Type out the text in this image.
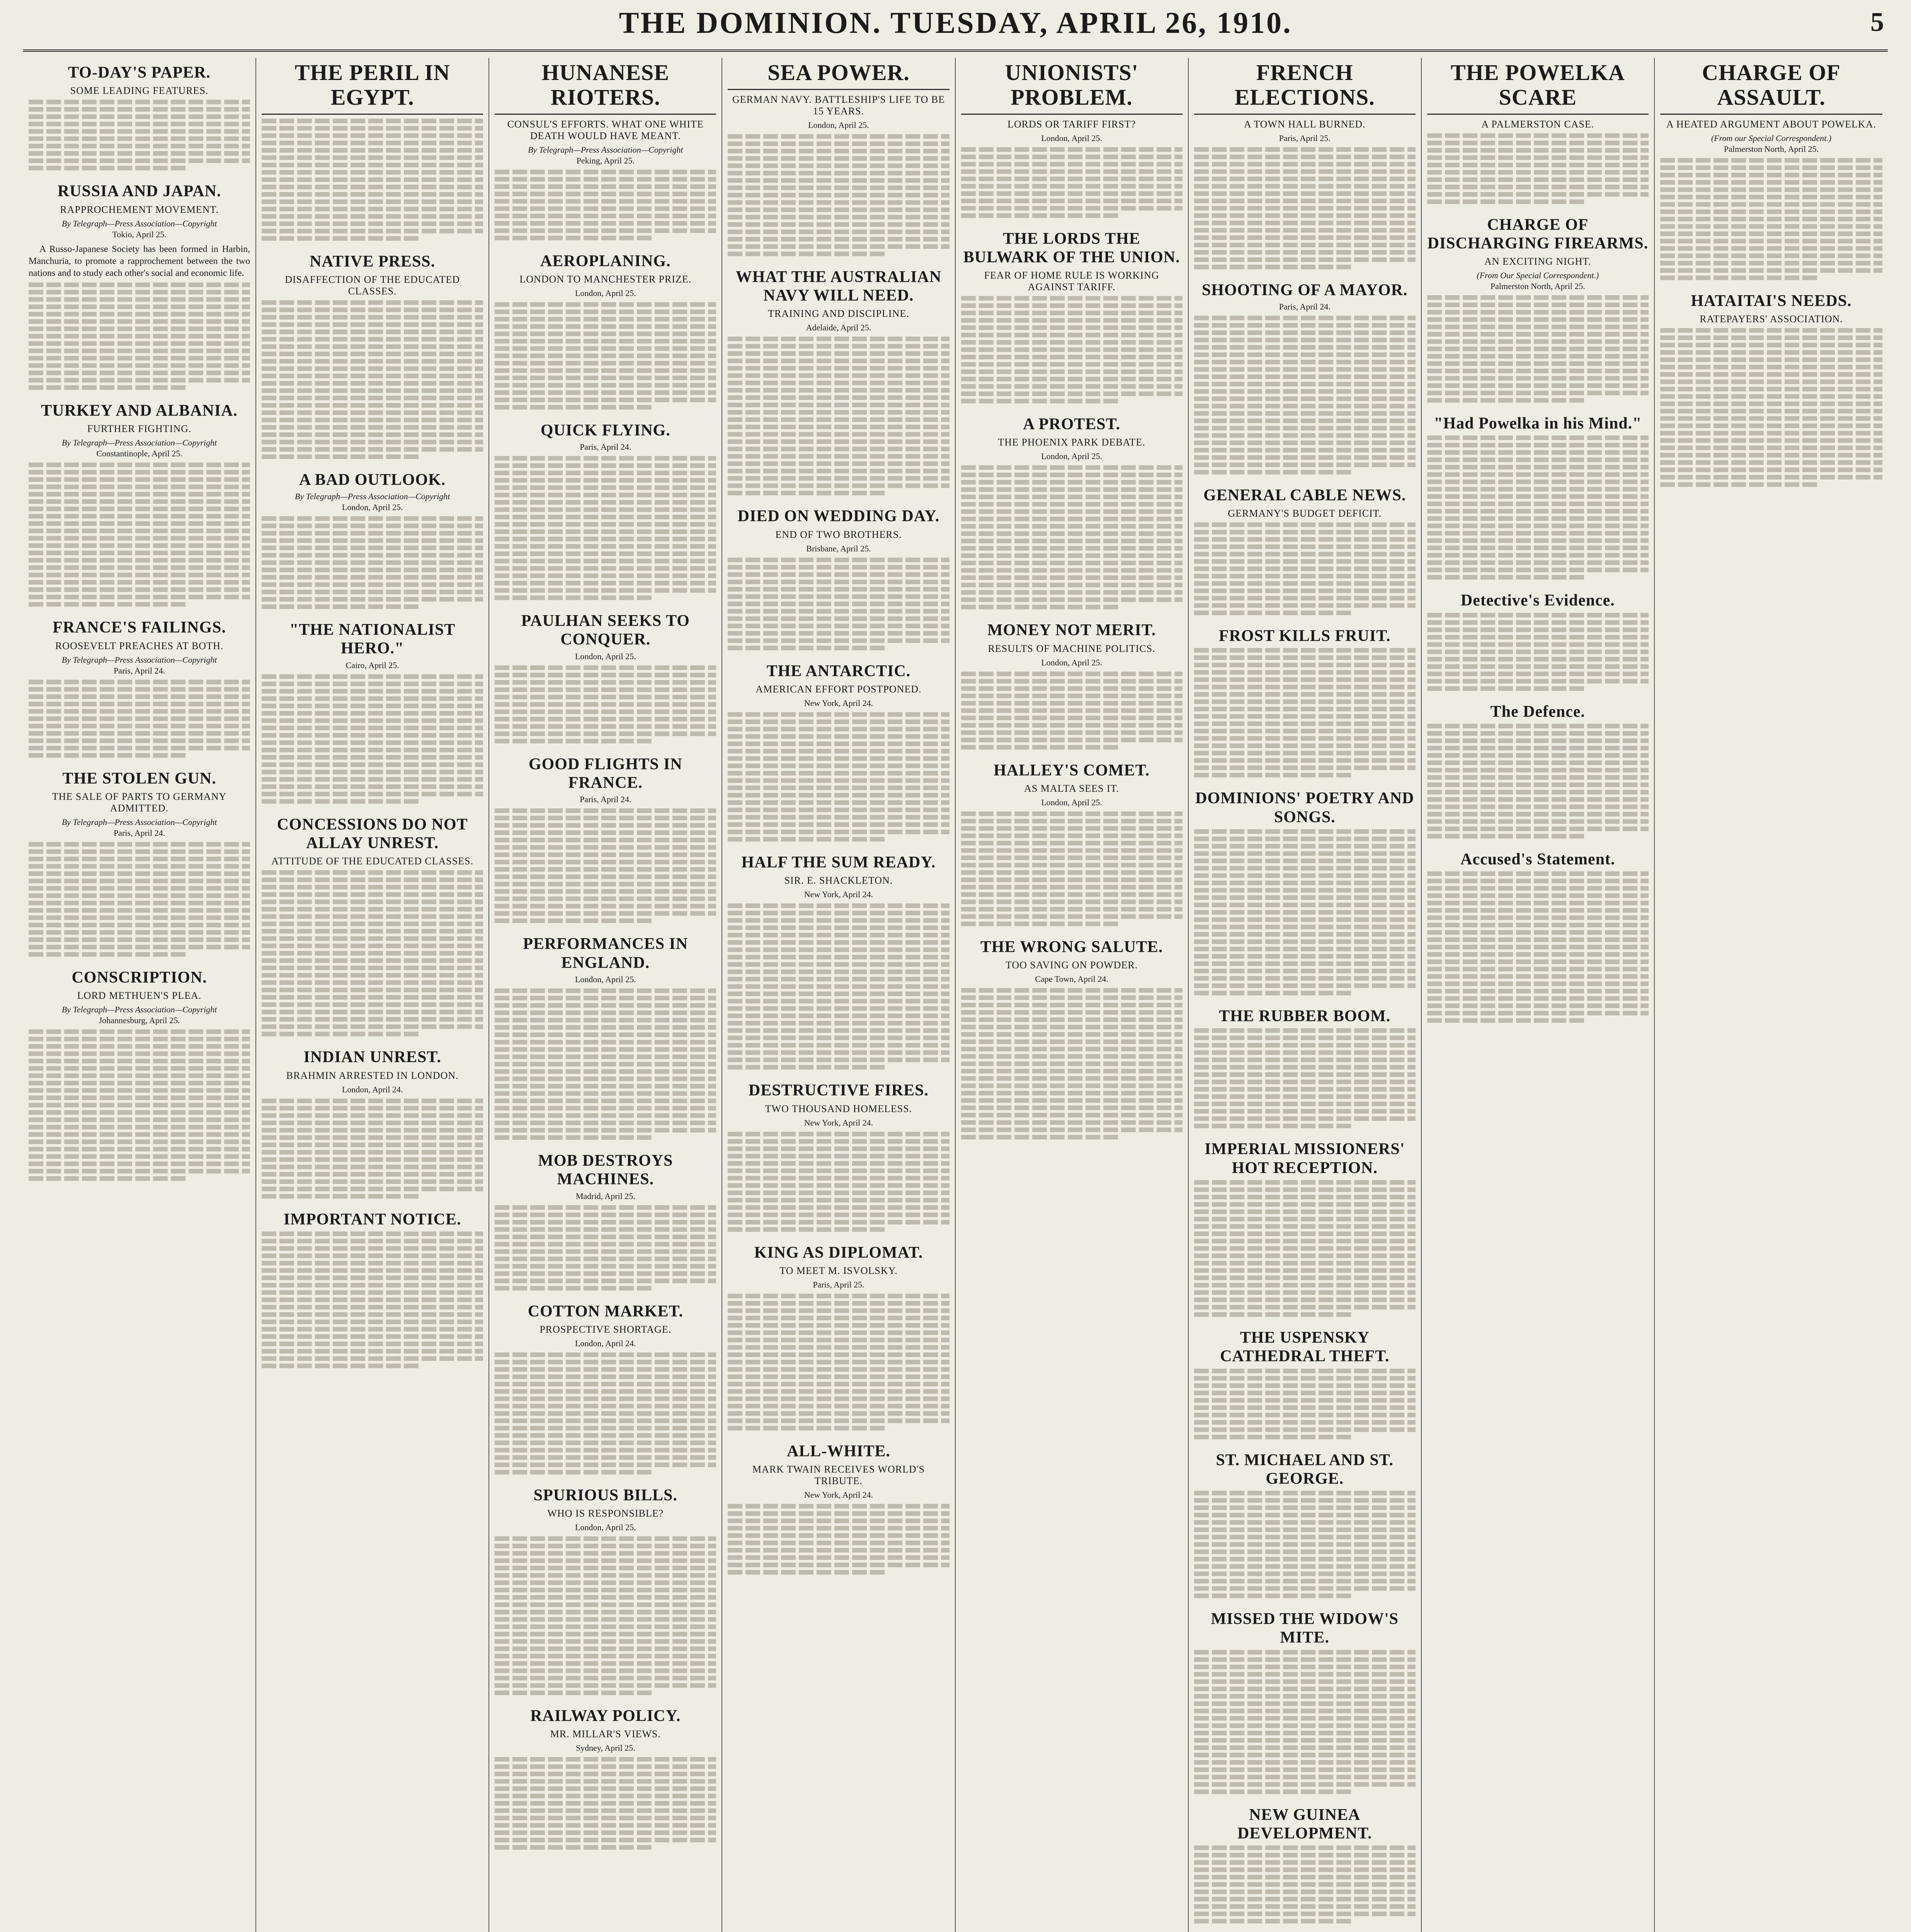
THE DOMINION. TUESDAY, APRIL 26, 1910.	5
TO-DAY'S PAPER.
SOME LEADING FEATURES.
RUSSIA AND JAPAN.
RAPPROCHEMENT MOVEMENT.
By Telegraph—Press Association—Copyright
Tokio, April 25.
A Russo-Japanese Society has been formed in Harbin, Manchuria, to promote a rapprochement between the two nations and to study each other's social and economic life.
TURKEY AND ALBANIA.
FURTHER FIGHTING.
By Telegraph—Press Association—Copyright
Constantinople, April 25.
FRANCE'S FAILINGS.
ROOSEVELT PREACHES AT BOTH.
By Telegraph—Press Association—Copyright
Paris, April 24.
THE STOLEN GUN.
THE SALE OF PARTS TO GERMANY ADMITTED.
By Telegraph—Press Association—Copyright
Paris, April 24.
CONSCRIPTION.
LORD METHUEN'S PLEA.
By Telegraph—Press Association—Copyright
Johannesburg, April 25.
THE PERIL IN EGYPT.
NATIVE PRESS.
DISAFFECTION OF THE EDUCATED CLASSES.
A BAD OUTLOOK.
By Telegraph—Press Association—Copyright
London, April 25.
"THE NATIONALIST HERO."
Cairo, April 25.
CONCESSIONS DO NOT ALLAY UNREST.
ATTITUDE OF THE EDUCATED CLASSES.
INDIAN UNREST.
BRAHMIN ARRESTED IN LONDON.
London, April 24.
IMPORTANT NOTICE.
HUNANESE RIOTERS.
CONSUL'S EFFORTS. WHAT ONE WHITE DEATH WOULD HAVE MEANT.
By Telegraph—Press Association—Copyright
Peking, April 25.
AEROPLANING.
LONDON TO MANCHESTER PRIZE.
London, April 25.
QUICK FLYING.
Paris, April 24.
PAULHAN SEEKS TO CONQUER.
London, April 25.
GOOD FLIGHTS IN FRANCE.
Paris, April 24.
PERFORMANCES IN ENGLAND.
London, April 25.
MOB DESTROYS MACHINES.
Madrid, April 25.
COTTON MARKET.
PROSPECTIVE SHORTAGE.
London, April 24.
SPURIOUS BILLS.
WHO IS RESPONSIBLE?
London, April 25.
RAILWAY POLICY.
MR. MILLAR'S VIEWS.
Sydney, April 25.
SEA POWER.
GERMAN NAVY. BATTLESHIP'S LIFE TO BE 15 YEARS.
London, April 25.
WHAT THE AUSTRALIAN NAVY WILL NEED.
TRAINING AND DISCIPLINE.
Adelaide, April 25.
DIED ON WEDDING DAY.
END OF TWO BROTHERS.
Brisbane, April 25.
THE ANTARCTIC.
AMERICAN EFFORT POSTPONED.
New York, April 24.
HALF THE SUM READY.
SIR. E. SHACKLETON.
New York, April 24.
DESTRUCTIVE FIRES.
TWO THOUSAND HOMELESS.
New York, April 24.
KING AS DIPLOMAT.
TO MEET M. ISVOLSKY.
Paris, April 25.
ALL-WHITE.
MARK TWAIN RECEIVES WORLD'S TRIBUTE.
New York, April 24.
UNIONISTS' PROBLEM.
LORDS OR TARIFF FIRST?
London, April 25.
THE LORDS THE BULWARK OF THE UNION.
FEAR OF HOME RULE IS WORKING AGAINST TARIFF.
A PROTEST.
THE PHOENIX PARK DEBATE.
London, April 25.
MONEY NOT MERIT.
RESULTS OF MACHINE POLITICS.
London, April 25.
HALLEY'S COMET.
AS MALTA SEES IT.
London, April 25.
THE WRONG SALUTE.
TOO SAVING ON POWDER.
Cape Town, April 24.
FRENCH ELECTIONS.
A TOWN HALL BURNED.
Paris, April 25.
SHOOTING OF A MAYOR.
Paris, April 24.
GENERAL CABLE NEWS.
GERMANY'S BUDGET DEFICIT.
FROST KILLS FRUIT.
DOMINIONS' POETRY AND SONGS.
THE RUBBER BOOM.
IMPERIAL MISSIONERS' HOT RECEPTION.
THE USPENSKY CATHEDRAL THEFT.
ST. MICHAEL AND ST. GEORGE.
MISSED THE WIDOW'S MITE.
NEW GUINEA DEVELOPMENT.
THE POWELKA SCARE
A PALMERSTON CASE.
CHARGE OF DISCHARGING FIREARMS.
AN EXCITING NIGHT.
(From Our Special Correspondent.)
Palmerston North, April 25.
"Had Powelka in his Mind."
Detective's Evidence.
The Defence.
Accused's Statement.
CHARGE OF ASSAULT.
A HEATED ARGUMENT ABOUT POWELKA.
(From our Special Correspondent.)
Palmerston North, April 25.
HATAITAI'S NEEDS.
RATEPAYERS' ASSOCIATION.
